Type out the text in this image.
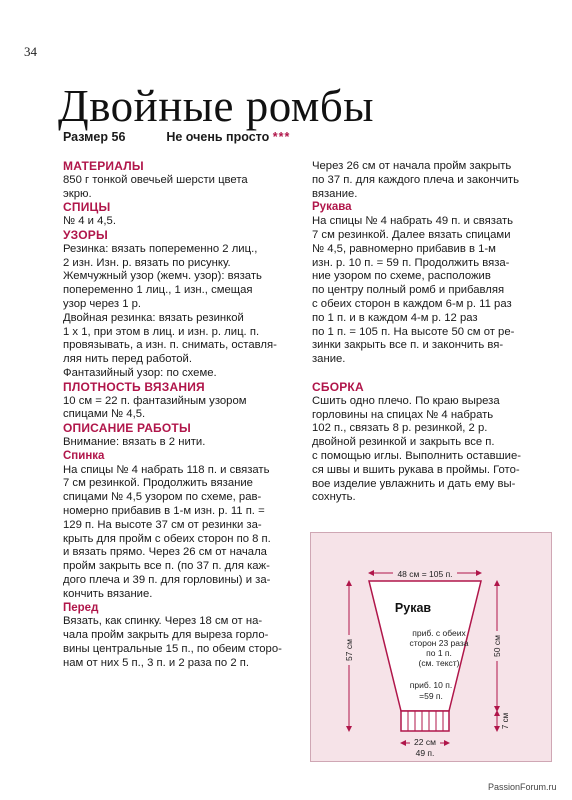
34
Двойные ромбы
Размер 56	Не очень просто ***

МАТЕРИАЛЫ

850 г тонкой овечьей шерсти цвета

экрю.

СПИЦЫ

№ 4 и 4,5.

УЗОРЫ

Резинка: вязать попеременно 2 лиц.,

2 изн. Изн. р. вязать по рисунку.

Жемчужный узор (жемч. узор): вязать

попеременно 1 лиц., 1 изн., смещая

узор через 1 р.

Двойная резинка: вязать резинкой

1 х 1, при этом в лиц. и изн. р. лиц. п.

провязывать, а изн. п. снимать, оставля-

ляя нить перед работой.

Фантазийный узор: по схеме.

ПЛОТНОСТЬ ВЯЗАНИЯ

10 см = 22 п. фантазийным узором

спицами № 4,5.

ОПИСАНИЕ РАБОТЫ

Внимание: вязать в 2 нити.

Спинка

На спицы № 4 набрать 118 п. и связать

7 см резинкой. Продолжить вязание

спицами № 4,5 узором по схеме, рав-

номерно прибавив в 1-м изн. р. 11 п. =

129 п. На высоте 37 см от резинки за-

крыть для пройм с обеих сторон по 8 п.

и вязать прямо. Через 26 см от начала

пройм закрыть все п. (по 37 п. для каж-

дого плеча и 39 п. для горловины) и за-

кончить вязание.

Перед

Вязать, как спинку. Через 18 см от на-

чала пройм закрыть для выреза горло-

вины центральные 15 п., по обеим сторо-

нам от них 5 п., 3 п. и 2 раза по 2 п.

Через 26 см от начала пройм закрыть

по 37 п. для каждого плеча и закончить

вязание.

Рукава

На спицы № 4 набрать 49 п. и связать

7 см резинкой. Далее вязать спицами

№ 4,5, равномерно прибавив в 1-м

изн. р. 10 п. = 59 п. Продолжить вяза-

ние узором по схеме, расположив

по центру полный ромб и прибавляя

с обеих сторон в каждом 6-м р. 11 раз

по 1 п. и в каждом 4-м р. 12 раз

по 1 п. = 105 п. На высоте 50 см от ре-

зинки закрыть все п. и закончить вя-

зание.

СБОРКА

Сшить одно плечо. По краю выреза

горловины на спицах № 4 набрать

102 п., связать 8 р. резинкой, 2 р.

двойной резинкой и закрыть все п.

с помощью иглы. Выполнить оставшие-

ся швы и вшить рукава в проймы. Гото-

вое изделие увлажнить и дать ему вы-

сохнуть.

48 см = 105 п.
Рукав
приб. с обеих
сторон 23 раза
по 1 п.
(см. текст)
приб. 10 п.
=59 п.
22 см
49 п.
57 см	50 см
7 см
PassionForum.ru
